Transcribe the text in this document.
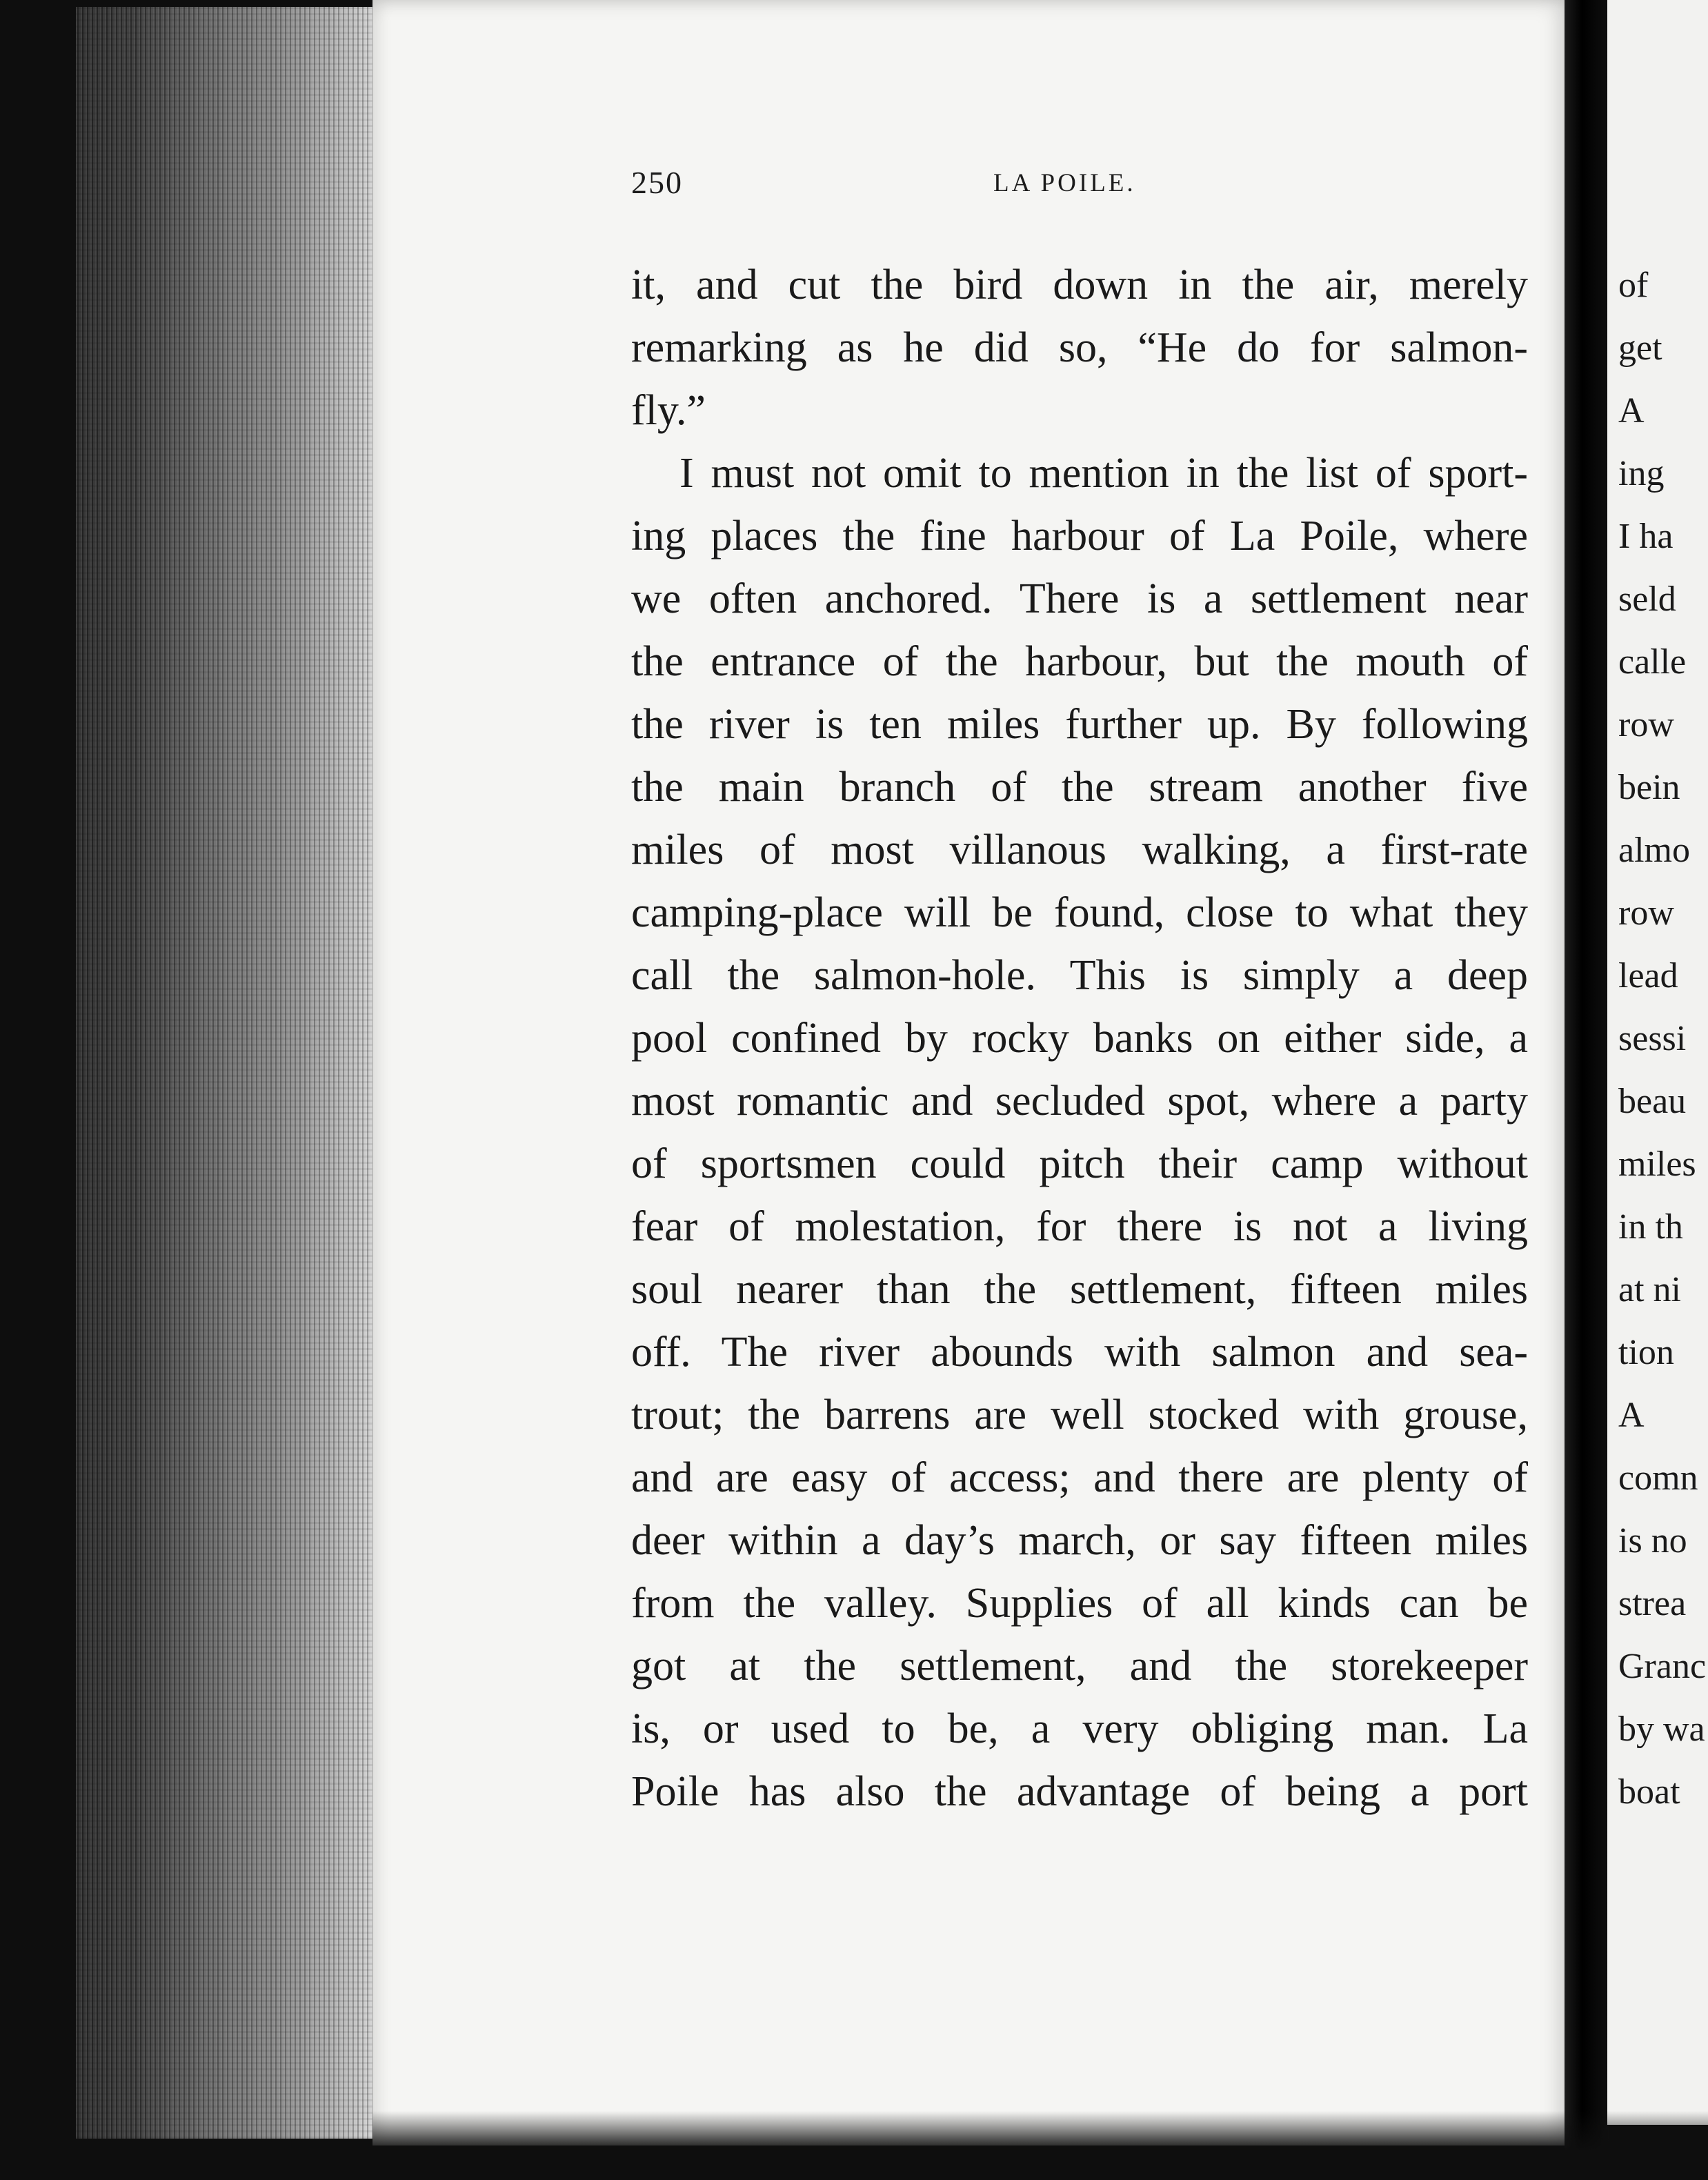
250	LA POILE.
it, and cut the bird down in the air, merely
remarking as he did so, “He do for salmon-
fly.”
I must not omit to mention in the list of sport-
ing places the fine harbour of La Poile, where
we often anchored. There is a settlement near
the entrance of the harbour, but the mouth of
the river is ten miles further up. By following
the main branch of the stream another five
miles of most villanous walking, a first-rate
camping-place will be found, close to what they
call the salmon-hole. This is simply a deep
pool confined by rocky banks on either side, a
most romantic and secluded spot, where a party
of sportsmen could pitch their camp without
fear of molestation, for there is not a living
soul nearer than the settlement, fifteen miles
off. The river abounds with salmon and sea-
trout; the barrens are well stocked with grouse,
and are easy of access; and there are plenty of
deer within a day’s march, or say fifteen miles
from the valley. Supplies of all kinds can be
got at the settlement, and the storekeeper
is, or used to be, a very obliging man. La
Poile has also the advantage of being a port
of
get
A
ing
I ha
seld
calle
row
bein
almo
row
lead
sessi
beau
miles
in th
at ni
tion
A
comn
is no
strea
Granc
by wa
boat
